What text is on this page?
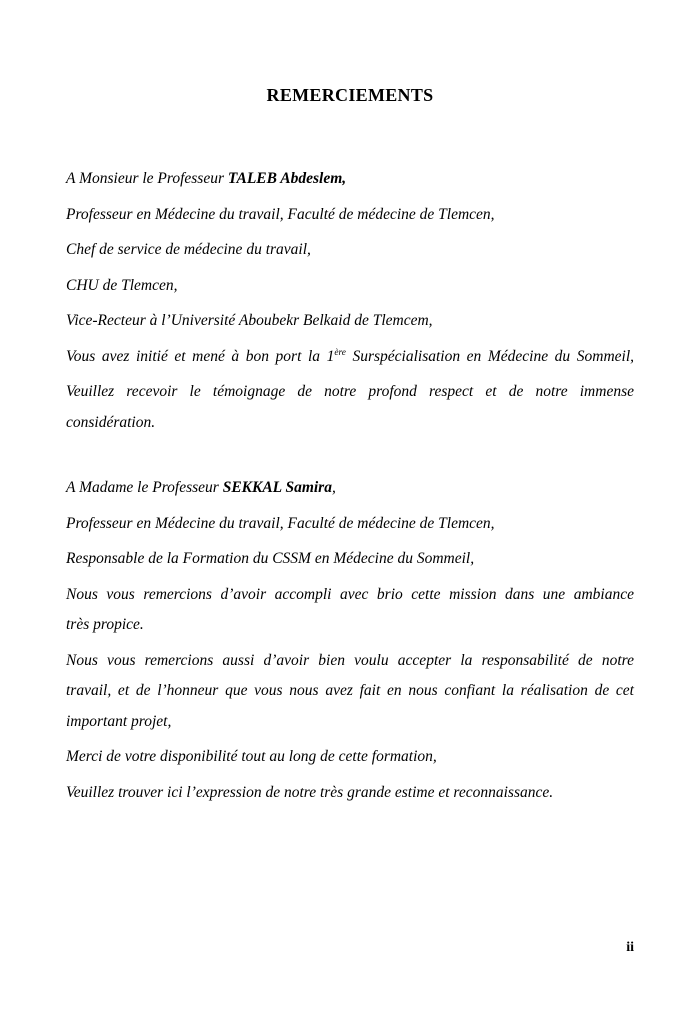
REMERCIEMENTS
A Monsieur le Professeur TALEB Abdeslem,
Professeur en Médecine du travail, Faculté de médecine de Tlemcen,
Chef de service de médecine du travail,
CHU de Tlemcen,
Vice-Recteur à l’Université Aboubekr Belkaid de Tlemcem,
Vous avez initié et mené à bon port la 1ère Surspécialisation en Médecine du Sommeil,
Veuillez recevoir le témoignage de notre profond respect et de notre immense
considération.
A Madame le Professeur SEKKAL Samira,
Professeur en Médecine du travail, Faculté de médecine de Tlemcen,
Responsable de la Formation du CSSM en Médecine du Sommeil,
Nous vous remercions d’avoir accompli avec brio cette mission dans une ambiance
très propice.
Nous vous remercions aussi d’avoir bien voulu accepter la responsabilité de notre
travail, et de l’honneur que vous nous avez fait en nous confiant la réalisation de cet
important projet,
Merci de votre disponibilité tout au long de cette formation,
Veuillez trouver ici l’expression de notre très grande estime et reconnaissance.
ii
